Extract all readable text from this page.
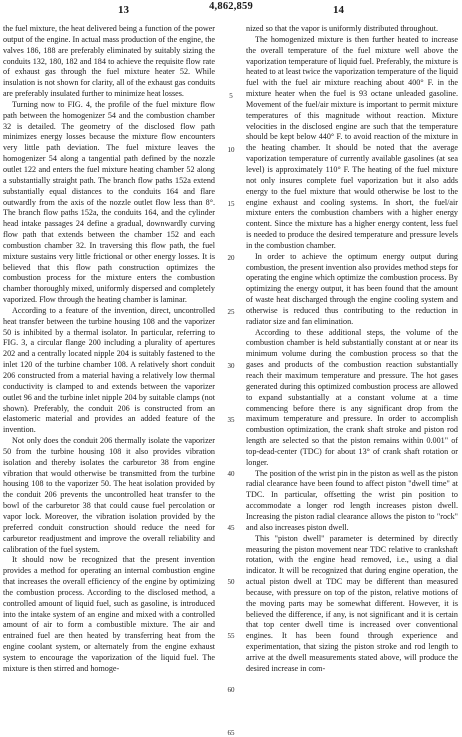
13	4,862,859	14

the fuel mixture, the heat delivered being a function of the power output of the engine. In actual mass production of the engine, the valves 186, 188 are preferably eliminated by suitably sizing the conduits 132, 180, 182 and 184 to achieve the requisite flow rate of exhaust gas through the fuel mixture heater 52. While insulation is not shown for clarity, all of the exhaust gas conduits are preferably insulated further to minimize heat losses.

Turning now to FIG. 4, the profile of the fuel mixture flow path between the homogenizer 54 and the combustion chamber 32 is detailed. The geometry of the disclosed flow path minimizes energy losses because the mixture flow encounters very little path deviation. The fuel mixture leaves the homogenizer 54 along a tangential path defined by the nozzle outlet 122 and enters the fuel mixture heating chamber 52 along a substantially straight path. The branch flow paths 152a extend substantially equal distances to the conduits 164 and flare outwardly from the axis of the nozzle outlet flow less than 8°. The branch flow paths 152a, the conduits 164, and the cylinder head intake passages 24 define a gradual, downwardly curving flow path that extends between the chamber 152 and each combustion chamber 32. In traversing this flow path, the fuel mixture sustains very little frictional or other energy losses. It is believed that this flow path construction optimizes the combustion process for the mixture enters the combustion chamber thoroughly mixed, uniformly dispersed and completely vaporized. Flow through the heating chamber is laminar.

According to a feature of the invention, direct, uncontrolled heat transfer between the turbine housing 108 and the vaporizer 50 is inhibited by a thermal isolator. In particular, referring to FIG. 3, a circular flange 200 including a plurality of apertures 202 and a centrally located nipple 204 is suitably fastened to the inlet 120 of the turbine chamber 108. A relatively short conduit 206 constructed from a material having a relatively low thermal conductivity is clamped to and extends between the vaporizer outlet 96 and the turbine inlet nipple 204 by suitable clamps (not shown). Preferably, the conduit 206 is constructed from an elastomeric material and provides an added feature of the invention.

Not only does the conduit 206 thermally isolate the vaporizer 50 from the turbine housing 108 it also provides vibration isolation and thereby isolates the carburetor 38 from engine vibration that would otherwise be transmitted from the turbine housing 108 to the vaporizer 50. The heat isolation provided by the conduit 206 prevents the uncontrolled heat transfer to the bowl of the carburetor 38 that could cause fuel percolation or vapor lock. Moreover, the vibration isolation provided by the preferred conduit construction should reduce the need for carburetor readjustment and improve the overall reliability and calibration of the fuel system.

It should now be recognized that the present invention provides a method for operating an internal combustion engine that increases the overall efficiency of the engine by optimizing the combustion process. According to the disclosed method, a controlled amount of liquid fuel, such as gasoline, is introduced into the intake system of an engine and mixed with a controlled amount of air to form a combustible mixture. The air and entrained fuel are then heated by transferring heat from the engine coolant system, or alternately from the engine exhaust system to encourage the vaporization of the liquid fuel. The mixture is then stirred and homoge-

5
10
15
20
25
30
35
40
45
50
55
60
65

nized so that the vapor is uniformly distributed throughout.

The homogenized mixture is then further heated to increase the overall temperature of the fuel mixture well above the vaporization temperature of liquid fuel. Preferably, the mixture is heated to at least twice the vaporization temperature of the liquid fuel with the fuel air mixture reaching about 400° F. in the mixture heater when the fuel is 93 octane unleaded gasoline. Movement of the fuel/air mixture is important to permit mixture temperatures of this magnitude without reaction. Mixture velocities in the disclosed engine are such that the temperature should be kept below 440° F. to avoid reaction of the mixture in the heating chamber. It should be noted that the average vaporization temperature of currently available gasolines (at sea level) is approximately 110° F. The heating of the fuel mixture not only insures complete fuel vaporization but it also adds energy to the fuel mixture that would otherwise be lost to the engine exhaust and cooling systems. In short, the fuel/air mixture enters the combustion chambers with a higher energy content. Since the mixture has a higher energy content, less fuel is needed to produce the desired temperature and pressure levels in the combustion chamber.

In order to achieve the optimum energy output during combustion, the present invention also provides method steps for operating the engine which optimize the combustion process. By optimizing the energy output, it has been found that the amount of waste heat discharged through the engine cooling system and otherwise is reduced thus contributing to the reduction in radiator size and fan elimination.

According to these additional steps, the volume of the combustion chamber is held substantially constant at or near its minimum volume during the combustion process so that the gases and products of the combustion reaction substantially reach their maximum temperature and pressure. The hot gases generated during this optimized combustion process are allowed to expand substantially at a constant volume at a time commencing before there is any significant drop from the maximum temperature and pressure. In order to accomplish combustion optimization, the crank shaft stroke and piston rod length are selected so that the piston remains within 0.001" of top-dead-center (TDC) for about 13° of crank shaft rotation or longer.

The position of the wrist pin in the piston as well as the piston radial clearance have been found to affect piston "dwell time" at TDC. In particular, offsetting the wrist pin position to accommodate a longer rod length increases piston dwell. Increasing the piston radial clearance allows the piston to "rock" and also increases piston dwell.

This "piston dwell" parameter is determined by directly measuring the piston movement near TDC relative to crankshaft rotation, with the engine head removed, i.e., using a dial indicator. It will be recognized that during engine operation, the actual piston dwell at TDC may be different than measured because, with pressure on top of the piston, relative motions of the moving parts may be somewhat different. However, it is believed the difference, if any, is not significant and it is certain that top center dwell time is increased over conventional engines. It has been found through experience and experimentation, that sizing the piston stroke and rod length to arrive at the dwell measurements stated above, will produce the desired increase in com-
